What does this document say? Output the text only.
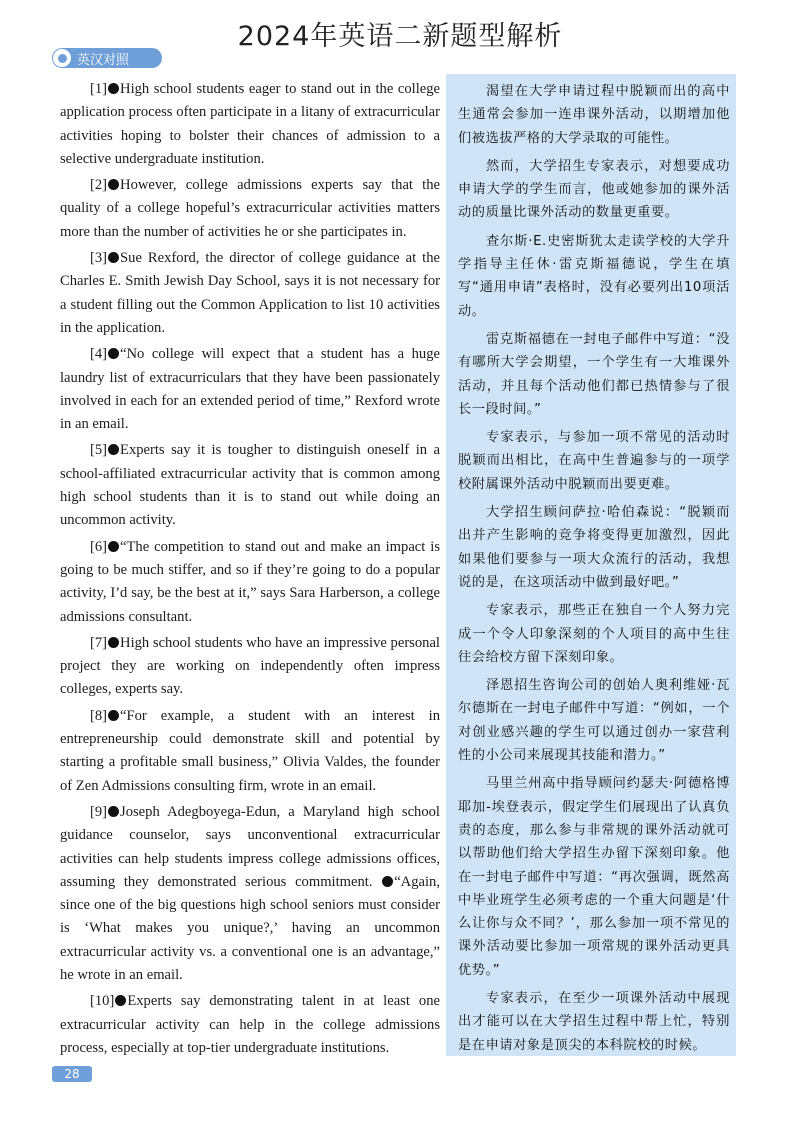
2024年英语二新题型解析
英汉对照

[1] High school students eager to stand out in the college application process often participate in a litany of extracurricular activities hoping to bolster their chances of admission to a selective undergraduate institution.

[2] However, college admissions experts say that the quality of a college hopeful’s extracurricular activities matters more than the number of activities he or she participates in.

[3] Sue Rexford, the director of college guidance at the Charles E. Smith Jewish Day School, says it is not necessary for a student filling out the Common Application to list 10 activities in the application.

[4] “No college will expect that a student has a huge laundry list of extracurriculars that they have been passionately involved in each for an extended period of time,” Rexford wrote in an email.

[5] Experts say it is tougher to distinguish oneself in a school-affiliated extracurricular activity that is common among high school students than it is to stand out while doing an uncommon activity.

[6] “The competition to stand out and make an impact is going to be much stiffer, and so if they’re going to do a popular activity, I’d say, be the best at it,” says Sara Harberson, a college admissions consultant.

[7] High school students who have an impressive personal project they are working on independently often impress colleges, experts say.

[8] “For example, a student with an interest in entrepreneurship could demonstrate skill and potential by starting a profitable small business,” Olivia Valdes, the founder of Zen Admissions consulting firm, wrote in an email.

[9] Joseph Adegboyega-Edun, a Maryland high school guidance counselor, says unconventional extracurricular activities can help students impress college admissions offices, assuming they demonstrated serious commitment. “Again, since one of the big questions high school seniors must consider is ‘What makes you unique?,’ having an uncommon extracurricular activity vs. a conventional one is an advantage,” he wrote in an email.

[10] Experts say demonstrating talent in at least one extracurricular activity can help in the college admissions process, especially at top-tier undergraduate institutions.

渴望在大学申请过程中脱颖而出的高中生通常会参加一连串课外活动，以期增加他们被选拔严格的大学录取的可能性。

然而，大学招生专家表示，对想要成功申请大学的学生而言，他或她参加的课外活动的质量比课外活动的数量更重要。

查尔斯·E.史密斯犹太走读学校的大学升学指导主任休·雷克斯福德说，学生在填写“通用申请”表格时，没有必要列出10项活动。

雷克斯福德在一封电子邮件中写道：“没有哪所大学会期望，一个学生有一大堆课外活动，并且每个活动他们都已热情参与了很长一段时间。”

专家表示，与参加一项不常见的活动时脱颖而出相比，在高中生普遍参与的一项学校附属课外活动中脱颖而出要更难。

大学招生顾问萨拉·哈伯森说：“脱颖而出并产生影响的竞争将变得更加激烈，因此如果他们要参与一项大众流行的活动，我想说的是，在这项活动中做到最好吧。”

专家表示，那些正在独自一个人努力完成一个令人印象深刻的个人项目的高中生往往会给校方留下深刻印象。

泽恩招生咨询公司的创始人奥利维娅·瓦尔德斯在一封电子邮件中写道：“例如，一个对创业感兴趣的学生可以通过创办一家营利性的小公司来展现其技能和潜力。”

马里兰州高中指导顾问约瑟夫·阿德格博耶加-埃登表示，假定学生们展现出了认真负责的态度，那么参与非常规的课外活动就可以帮助他们给大学招生办留下深刻印象。他在一封电子邮件中写道：“再次强调，既然高中毕业班学生必须考虑的一个重大问题是‘什么让你与众不同？’，那么参加一项不常见的课外活动要比参加一项常规的课外活动更具优势。”

专家表示，在至少一项课外活动中展现出才能可以在大学招生过程中帮上忙，特别是在申请对象是顶尖的本科院校的时候。

28
